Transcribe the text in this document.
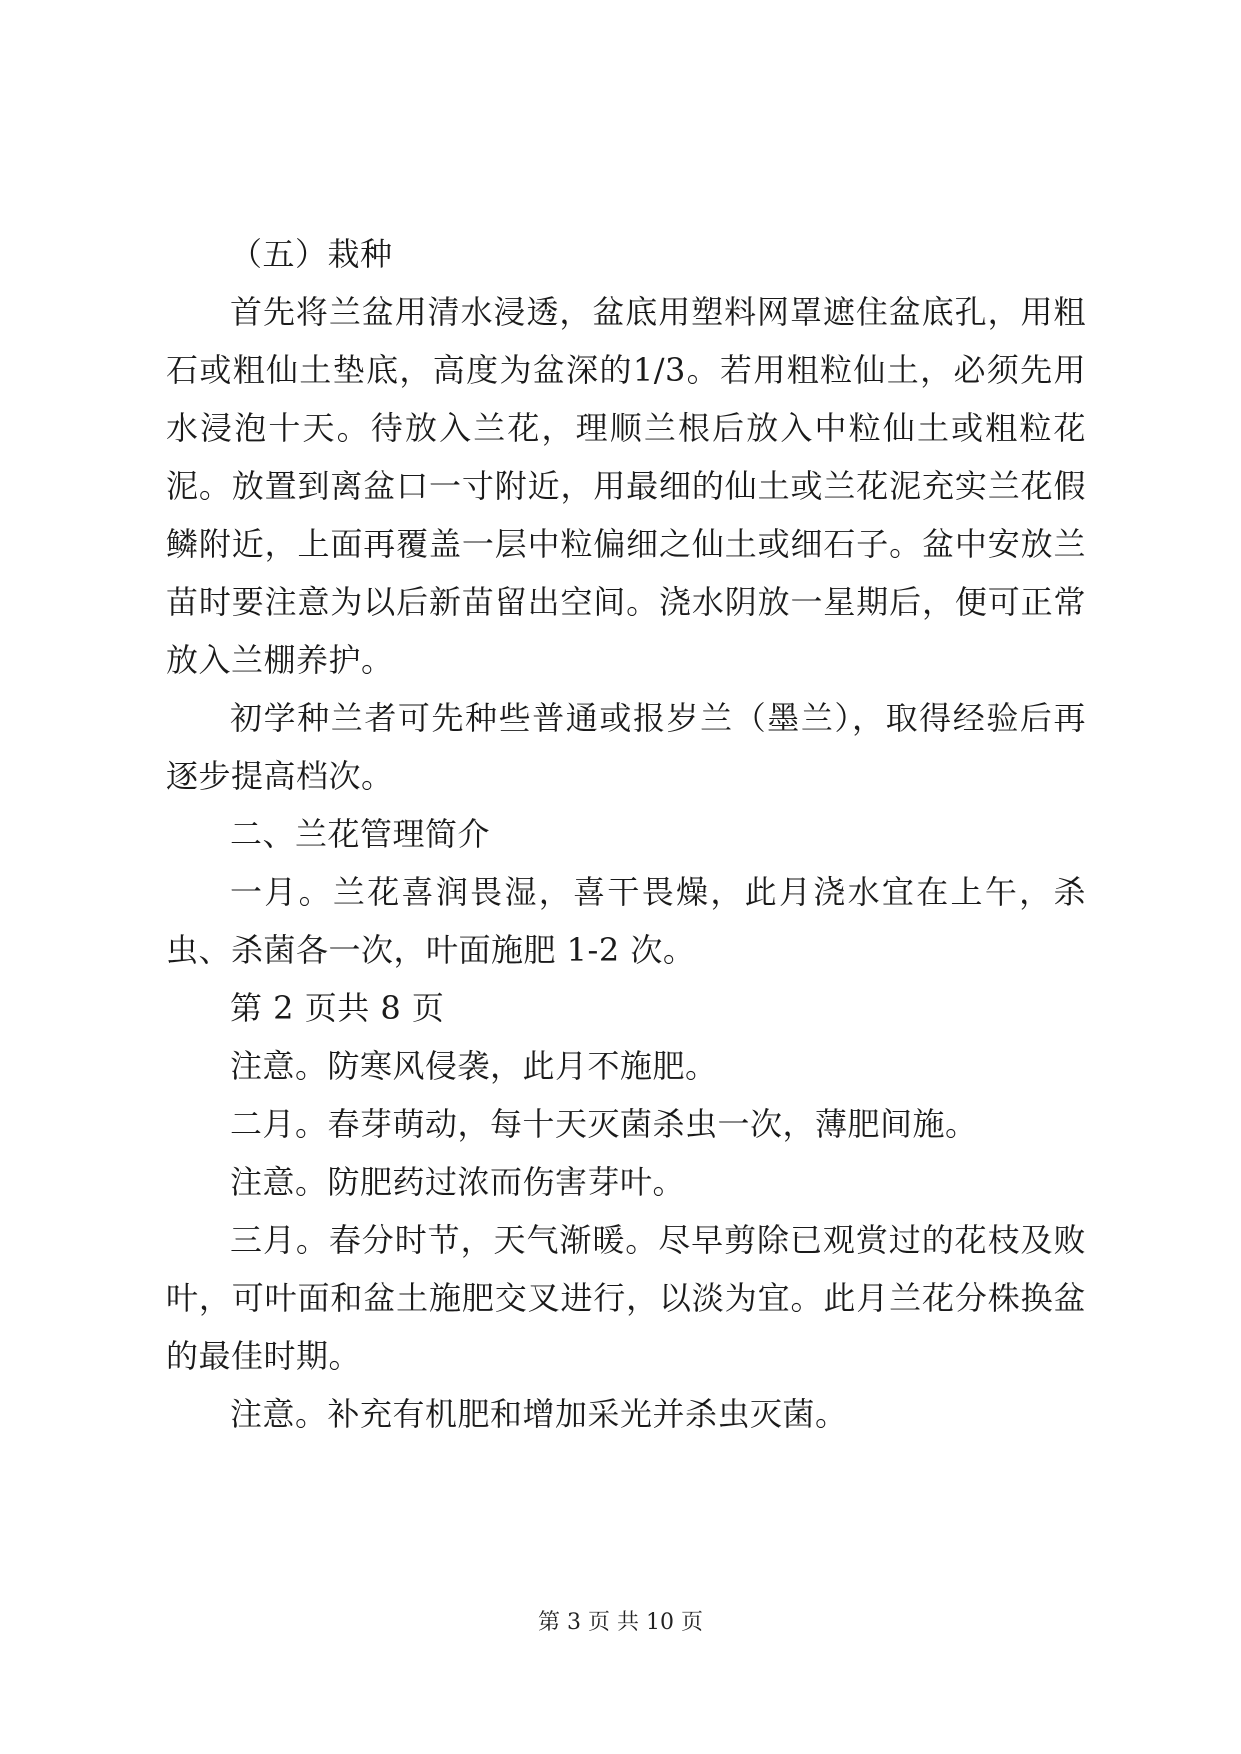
（五）栽种

首先将兰盆用清水浸透，盆底用塑料网罩遮住盆底孔，用粗石或粗仙土垫底，高度为盆深的1/3。若用粗粒仙土，必须先用水浸泡十天。待放入兰花，理顺兰根后放入中粒仙土或粗粒花泥。放置到离盆口一寸附近，用最细的仙土或兰花泥充实兰花假鳞附近，上面再覆盖一层中粒偏细之仙土或细石子。盆中安放兰苗时要注意为以后新苗留出空间。浇水阴放一星期后，便可正常放入兰棚养护。

初学种兰者可先种些普通或报岁兰（墨兰），取得经验后再逐步提高档次。

二、兰花管理简介

一月。兰花喜润畏湿，喜干畏燥，此月浇水宜在上午，杀虫、杀菌各一次，叶面施肥 1-2 次。

第 2 页共 8 页

注意。防寒风侵袭，此月不施肥。

二月。春芽萌动，每十天灭菌杀虫一次，薄肥间施。

注意。防肥药过浓而伤害芽叶。

三月。春分时节，天气渐暖。尽早剪除已观赏过的花枝及败叶，可叶面和盆土施肥交叉进行，以淡为宜。此月兰花分株换盆的最佳时期。

注意。补充有机肥和增加采光并杀虫灭菌。

第 3 页 共 10 页
